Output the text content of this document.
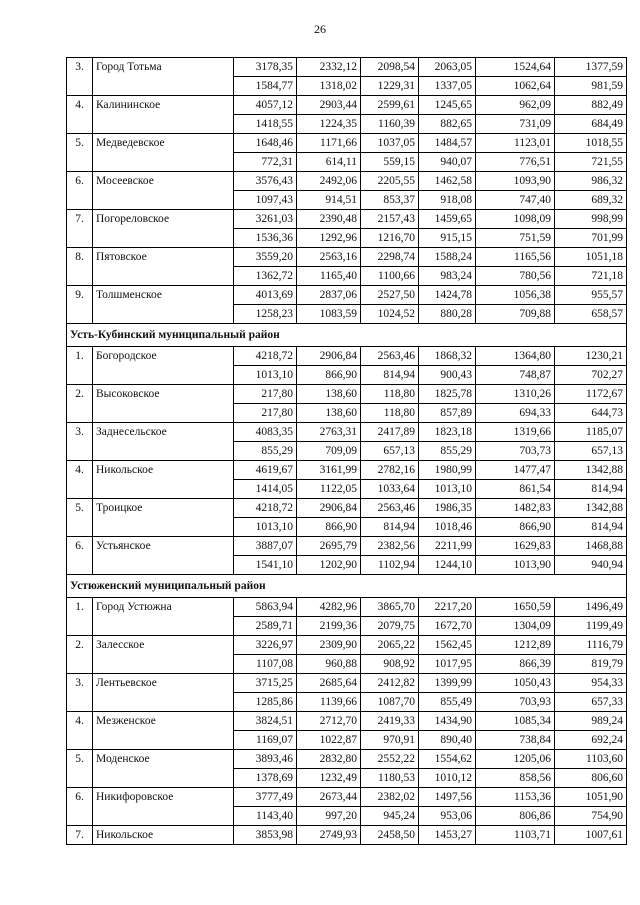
26
3.	Город Тотьма	3178,35	2332,12	2098,54	2063,05	1524,64	1377,59
		1584,77	1318,02	1229,31	1337,05	1062,64	981,59
4.	Калининское	4057,12	2903,44	2599,61	1245,65	962,09	882,49
		1418,55	1224,35	1160,39	882,65	731,09	684,49
5.	Медведевское	1648,46	1171,66	1037,05	1484,57	1123,01	1018,55
		772,31	614,11	559,15	940,07	776,51	721,55
6.	Мосеевское	3576,43	2492,06	2205,55	1462,58	1093,90	986,32
		1097,43	914,51	853,37	918,08	747,40	689,32
7.	Погореловское	3261,03	2390,48	2157,43	1459,65	1098,09	998,99
		1536,36	1292,96	1216,70	915,15	751,59	701,99
8.	Пятовское	3559,20	2563,16	2298,74	1588,24	1165,56	1051,18
		1362,72	1165,40	1100,66	983,24	780,56	721,18
9.	Толшменское	4013,69	2837,06	2527,50	1424,78	1056,38	955,57
		1258,23	1083,59	1024,52	880,28	709,88	658,57
Усть-Кубинский муниципальный район							
1.	Богородское	4218,72	2906,84	2563,46	1868,32	1364,80	1230,21
		1013,10	866,90	814,94	900,43	748,87	702,27
2.	Высоковское	217,80	138,60	118,80	1825,78	1310,26	1172,67
		217,80	138,60	118,80	857,89	694,33	644,73
3.	Заднесельское	4083,35	2763,31	2417,89	1823,18	1319,66	1185,07
		855,29	709,09	657,13	855,29	703,73	657,13
4.	Никольское	4619,67	3161,99	2782,16	1980,99	1477,47	1342,88
		1414,05	1122,05	1033,64	1013,10	861,54	814,94
5.	Троицкое	4218,72	2906,84	2563,46	1986,35	1482,83	1342,88
		1013,10	866,90	814,94	1018,46	866,90	814,94
6.	Устьянское	3887,07	2695,79	2382,56	2211,99	1629,83	1468,88
		1541,10	1202,90	1102,94	1244,10	1013,90	940,94
Устюженский муниципальный район							
1.	Город Устюжна	5863,94	4282,96	3865,70	2217,20	1650,59	1496,49
		2589,71	2199,36	2079,75	1672,70	1304,09	1199,49
2.	Залесское	3226,97	2309,90	2065,22	1562,45	1212,89	1116,79
		1107,08	960,88	908,92	1017,95	866,39	819,79
3.	Лентьевское	3715,25	2685,64	2412,82	1399,99	1050,43	954,33
		1285,86	1139,66	1087,70	855,49	703,93	657,33
4.	Мезженское	3824,51	2712,70	2419,33	1434,90	1085,34	989,24
		1169,07	1022,87	970,91	890,40	738,84	692,24
5.	Моденское	3893,46	2832,80	2552,22	1554,62	1205,06	1103,60
		1378,69	1232,49	1180,53	1010,12	858,56	806,60
6.	Никифоровское	3777,49	2673,44	2382,02	1497,56	1153,36	1051,90
		1143,40	997,20	945,24	953,06	806,86	754,90
7.	Никольское	3853,98	2749,93	2458,50	1453,27	1103,71	1007,61
